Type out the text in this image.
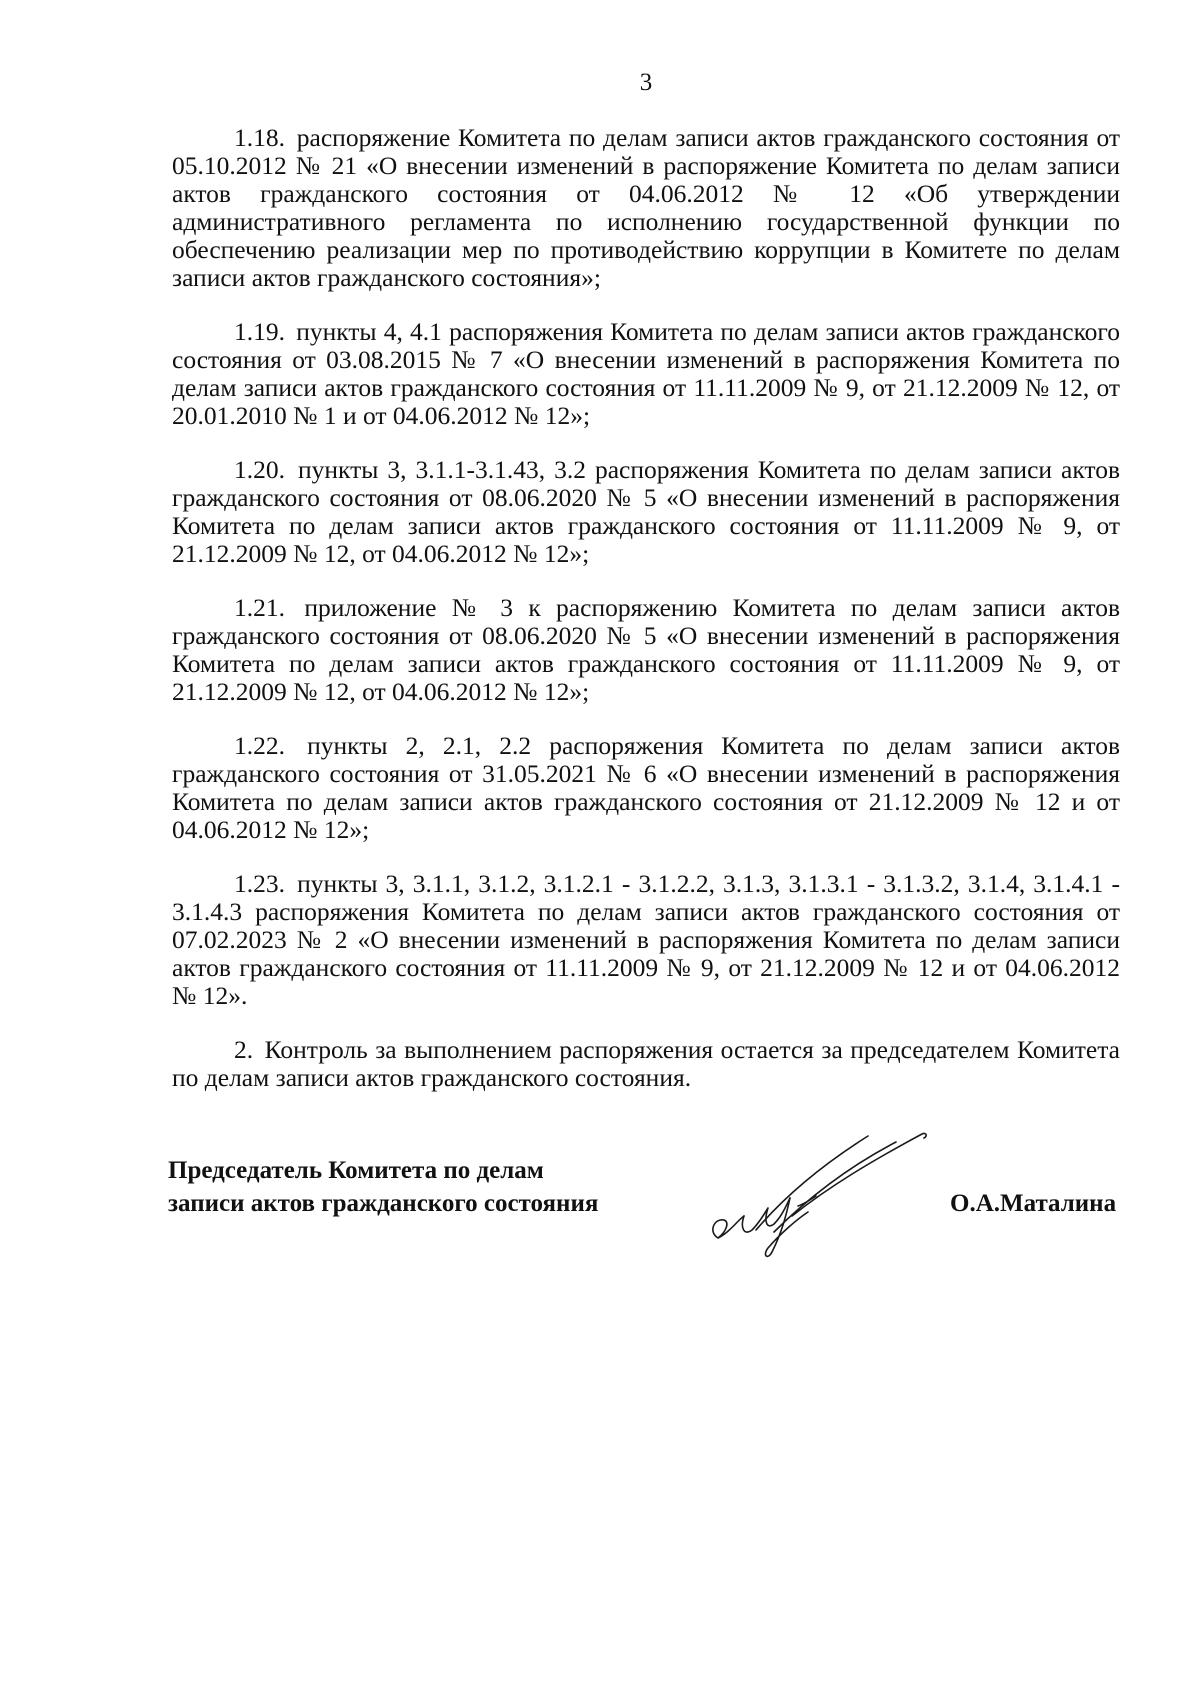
3

1.18. распоряжение Комитета по делам записи актов гражданского состояния от 05.10.2012 № 21 «О внесении изменений в распоряжение Комитета по делам записи актов гражданского состояния от 04.06.2012 № 12 «Об утверждении административного регламента по исполнению государственной функции по обеспечению реализации мер по противодействию коррупции в Комитете по делам записи актов гражданского состояния»;

1.19. пункты 4, 4.1 распоряжения Комитета по делам записи актов гражданского состояния от 03.08.2015 № 7 «О внесении изменений в распоряжения Комитета по делам записи актов гражданского состояния от 11.11.2009 № 9, от 21.12.2009 № 12, от 20.01.2010 № 1 и от 04.06.2012 № 12»;

1.20. пункты 3, 3.1.1-3.1.43, 3.2 распоряжения Комитета по делам записи актов гражданского состояния от 08.06.2020 № 5 «О внесении изменений в распоряжения Комитета по делам записи актов гражданского состояния от 11.11.2009 № 9, от 21.12.2009 № 12, от 04.06.2012 № 12»;

1.21. приложение № 3 к распоряжению Комитета по делам записи актов гражданского состояния от 08.06.2020 № 5 «О внесении изменений в распоряжения Комитета по делам записи актов гражданского состояния от 11.11.2009 № 9, от 21.12.2009 № 12, от 04.06.2012 № 12»;

1.22. пункты 2, 2.1, 2.2 распоряжения Комитета по делам записи актов гражданского состояния от 31.05.2021 № 6 «О внесении изменений в распоряжения Комитета по делам записи актов гражданского состояния от 21.12.2009 № 12 и от 04.06.2012 № 12»;

1.23. пункты 3, 3.1.1, 3.1.2, 3.1.2.1 - 3.1.2.2, 3.1.3, 3.1.3.1 - 3.1.3.2, 3.1.4, 3.1.4.1 - 3.1.4.3 распоряжения Комитета по делам записи актов гражданского состояния от 07.02.2023 № 2 «О внесении изменений в распоряжения Комитета по делам записи актов гражданского состояния от 11.11.2009 № 9, от 21.12.2009 № 12 и от 04.06.2012 № 12».

2. Контроль за выполнением распоряжения остается за председателем Комитета по делам записи актов гражданского состояния.

Председатель Комитета по делам
записи актов гражданского состояния	О.А.Маталина
